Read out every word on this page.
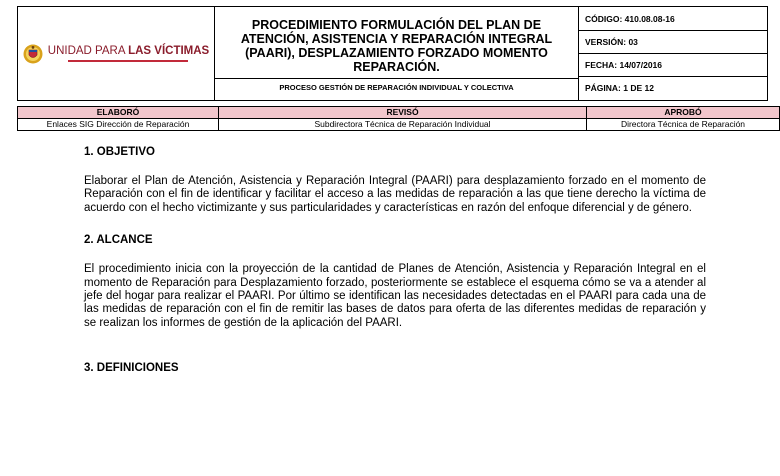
UNIDAD PARA LAS VÍCTIMAS

PROCEDIMIENTO FORMULACIÓN DEL PLAN DE ATENCIÓN, ASISTENCIA Y REPARACIÓN INTEGRAL (PAARI), DESPLAZAMIENTO FORZADO MOMENTO REPARACIÓN.
PROCESO GESTIÓN DE REPARACIÓN INDIVIDUAL Y COLECTIVA

CÓDIGO: 410.08.08-16
VERSIÓN: 03
FECHA: 14/07/2016
PÁGINA: 1 DE 12
ELABORÓ	REVISÓ	APROBÓ
Enlaces SIG Dirección de Reparación	Subdirectora Técnica de Reparación Individual	Directora Técnica de Reparación

1. OBJETIVO

Elaborar el Plan de Atención, Asistencia y Reparación Integral (PAARI) para desplazamiento forzado en el momento de Reparación con el fin de identificar y facilitar el acceso a las medidas de reparación a las que tiene derecho la víctima de acuerdo con el hecho victimizante y sus particularidades y características en razón del enfoque diferencial y de género.

2. ALCANCE

El procedimiento inicia con la proyección de la cantidad de Planes de Atención, Asistencia y Reparación Integral en el momento de Reparación para Desplazamiento forzado, posteriormente se establece el esquema cómo se va a atender al jefe del hogar para realizar el PAARI. Por último se identifican las necesidades detectadas en el PAARI para cada una de las medidas de reparación con el fin de remitir las bases de datos para oferta de las diferentes medidas de reparación y se realizan los informes de gestión de la aplicación del PAARI.

3. DEFINICIONES
